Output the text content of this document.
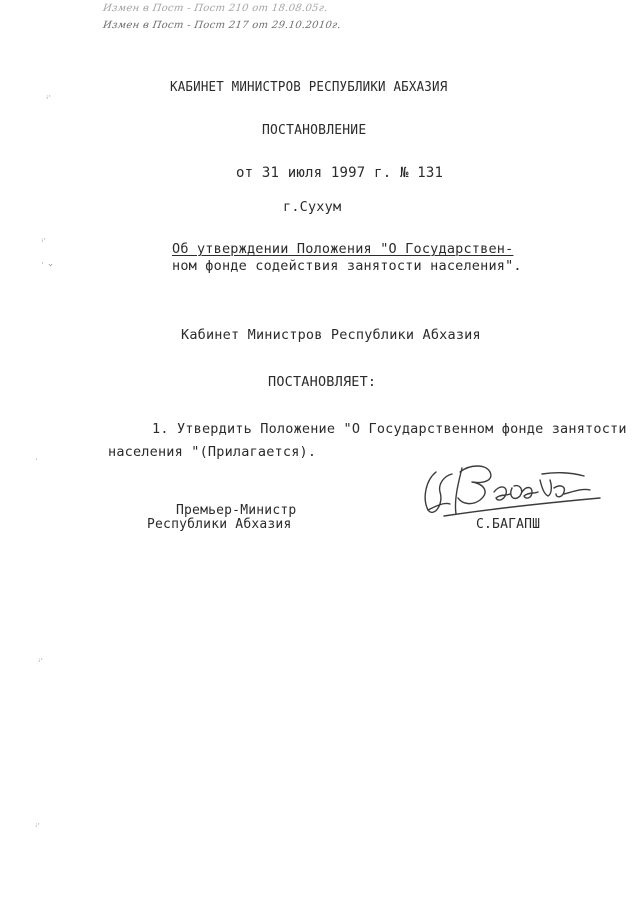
Измен в Пост - Пост 210 от 18.08.05г.
Измен в Пост - Пост 217 от 29.10.2010г.
КАБИНЕТ МИНИСТРОВ РЕСПУБЛИКИ АБХАЗИЯ
ПОСТАНОВЛЕНИЕ
от 31 июля 1997 г. № 131
г.Сухум
Об утверждении Положения "О Государствен-
ном фонде содействия занятости населения".
Кабинет Министров Республики Абхазия
ПОСТАНОВЛЯЕТ:
1. Утвердить Положение "О Государственном фонде занятости
населения "(Прилагается).
Премьер-Министр
Республики Абхазия	С.БАГАПШ
ꜟ·
ꜟ·
· ⌄
·
ꜟ·
ꜟ·
